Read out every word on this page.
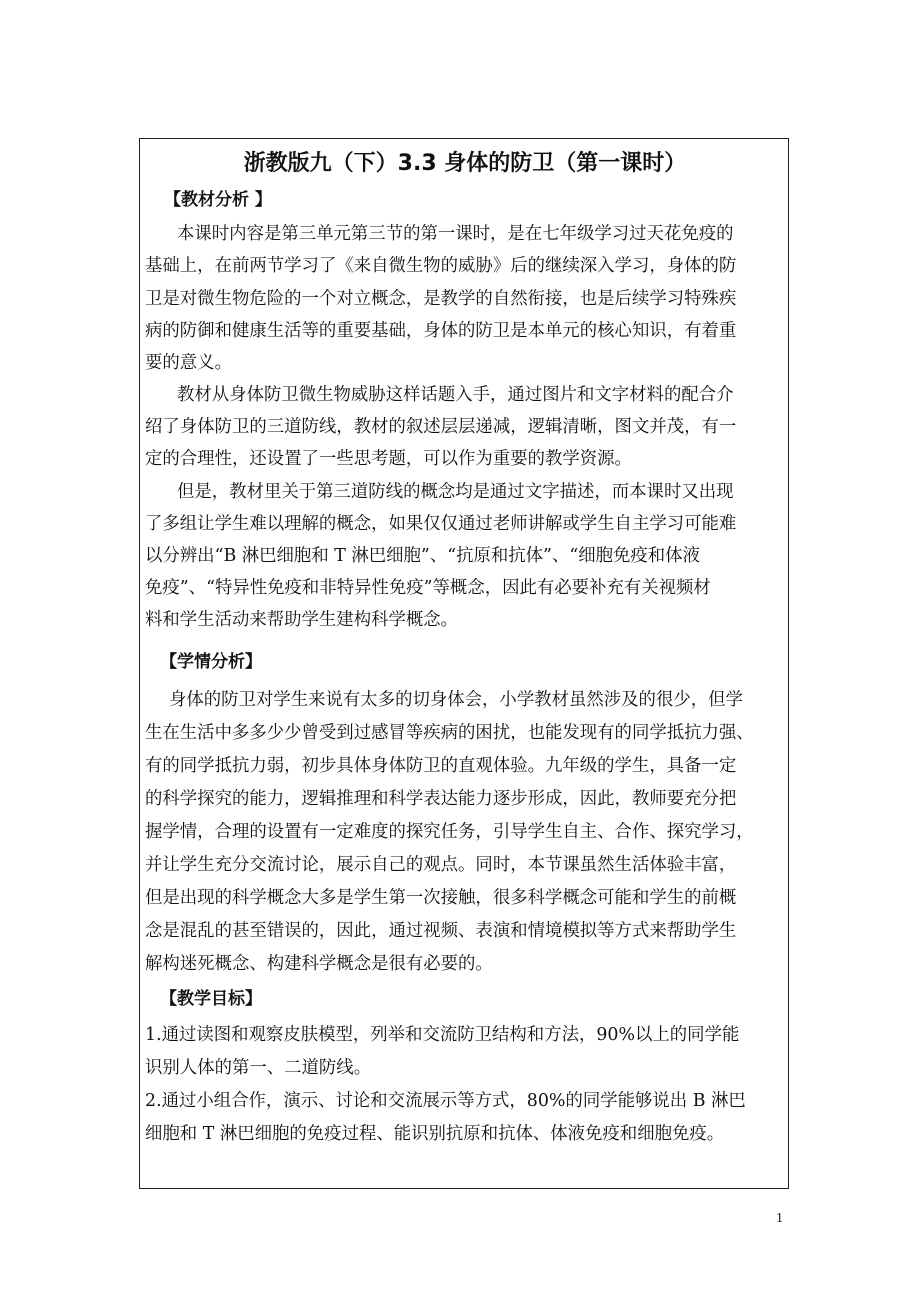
浙教版九（下）3.3 身体的防卫（第一课时）
【教材分析 】
本课时内容是第三单元第三节的第一课时，是在七年级学习过天花免疫的
基础上，在前两节学习了《来自微生物的威胁》后的继续深入学习，身体的防
卫是对微生物危险的一个对立概念，是教学的自然衔接，也是后续学习特殊疾
病的防御和健康生活等的重要基础，身体的防卫是本单元的核心知识，有着重
要的意义。
教材从身体防卫微生物威胁这样话题入手，通过图片和文字材料的配合介
绍了身体防卫的三道防线，教材的叙述层层递减，逻辑清晰，图文并茂，有一
定的合理性，还设置了一些思考题，可以作为重要的教学资源。
但是，教材里关于第三道防线的概念均是通过文字描述，而本课时又出现
了多组让学生难以理解的概念，如果仅仅通过老师讲解或学生自主学习可能难
以分辨出“B 淋巴细胞和 T 淋巴细胞”、“抗原和抗体”、“细胞免疫和体液
免疫”、“特异性免疫和非特异性免疫”等概念，因此有必要补充有关视频材
料和学生活动来帮助学生建构科学概念。
【学情分析】
身体的防卫对学生来说有太多的切身体会，小学教材虽然涉及的很少，但学
生在生活中多多少少曾受到过感冒等疾病的困扰，也能发现有的同学抵抗力强、
有的同学抵抗力弱，初步具体身体防卫的直观体验。九年级的学生，具备一定
的科学探究的能力，逻辑推理和科学表达能力逐步形成，因此，教师要充分把
握学情，合理的设置有一定难度的探究任务，引导学生自主、合作、探究学习，
并让学生充分交流讨论，展示自己的观点。同时，本节课虽然生活体验丰富，
但是出现的科学概念大多是学生第一次接触，很多科学概念可能和学生的前概
念是混乱的甚至错误的，因此，通过视频、表演和情境模拟等方式来帮助学生
解构迷死概念、构建科学概念是很有必要的。
【教学目标】
1.通过读图和观察皮肤模型，列举和交流防卫结构和方法，90%以上的同学能
识别人体的第一、二道防线。
2.通过小组合作，演示、讨论和交流展示等方式，80%的同学能够说出 B 淋巴
细胞和 T 淋巴细胞的免疫过程、能识别抗原和抗体、体液免疫和细胞免疫。
1
